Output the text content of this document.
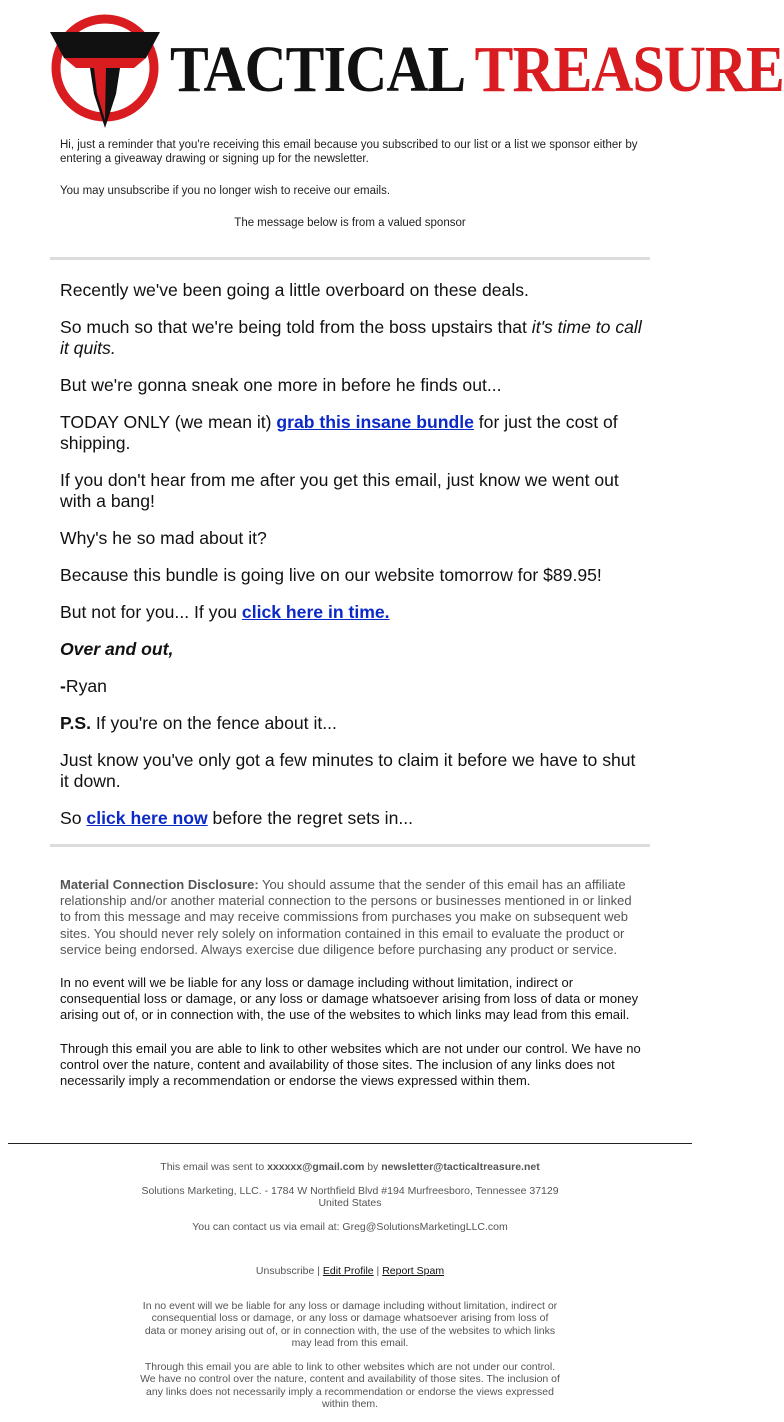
TACTICAL TREASURE

Hi, just a reminder that you're receiving this email because you subscribed to our list or a list we sponsor either by entering a giveaway drawing or signing up for the newsletter.

You may unsubscribe if you no longer wish to receive our emails.

The message below is from a valued sponsor

Recently we've been going a little overboard on these deals.

So much so that we're being told from the boss upstairs that it's time to call it quits.

But we're gonna sneak one more in before he finds out...

TODAY ONLY (we mean it) grab this insane bundle for just the cost of shipping.

If you don't hear from me after you get this email, just know we went out with a bang!

Why's he so mad about it?

Because this bundle is going live on our website tomorrow for $89.95!

But not for you... If you click here in time.

Over and out,

-Ryan

P.S. If you're on the fence about it...

Just know you've only got a few minutes to claim it before we have to shut it down.

So click here now before the regret sets in...

Material Connection Disclosure: You should assume that the sender of this email has an affiliate relationship and/or another material connection to the persons or businesses mentioned in or linked to from this message and may receive commissions from purchases you make on subsequent web sites. You should never rely solely on information contained in this email to evaluate the product or service being endorsed. Always exercise due diligence before purchasing any product or service.

In no event will we be liable for any loss or damage including without limitation, indirect or consequential loss or damage, or any loss or damage whatsoever arising from loss of data or money arising out of, or in connection with, the use of the websites to which links may lead from this email.

Through this email you are able to link to other websites which are not under our control. We have no control over the nature, content and availability of those sites. The inclusion of any links does not necessarily imply a recommendation or endorse the views expressed within them.

This email was sent to xxxxxx@gmail.com by newsletter@tacticaltreasure.net

Solutions Marketing, LLC. - 1784 W Northfield Blvd #194 Murfreesboro, Tennessee 37129 United States

You can contact us via email at: Greg@SolutionsMarketingLLC.com

Unsubscribe | Edit Profile | Report Spam

In no event will we be liable for any loss or damage including without limitation, indirect or consequential loss or damage, or any loss or damage whatsoever arising from loss of data or money arising out of, or in connection with, the use of the websites to which links may lead from this email.

Through this email you are able to link to other websites which are not under our control. We have no control over the nature, content and availability of those sites. The inclusion of any links does not necessarily imply a recommendation or endorse the views expressed within them.
